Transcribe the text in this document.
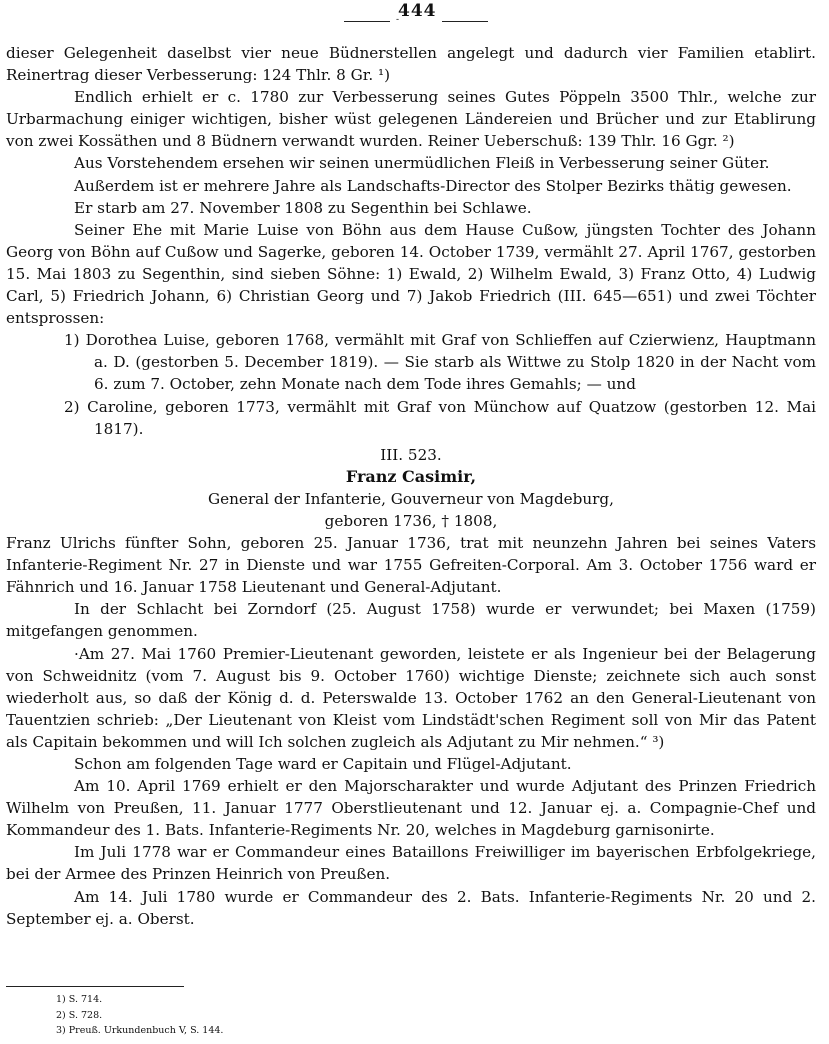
-
444

dieser Gelegenheit daselbst vier neue Büdnerstellen angelegt und dadurch vier Familien etablirt. Reinertrag dieser Verbesserung: 124 Thlr. 8 Gr. ¹)

Endlich erhielt er c. 1780 zur Verbesserung seines Gutes Pöppeln 3500 Thlr., welche zur Urbarmachung einiger wichtigen, bisher wüst gelegenen Ländereien und Brücher und zur Etablirung von zwei Kossäthen und 8 Büdnern verwandt wurden. Reiner Ueberschuß: 139 Thlr. 16 Ggr. ²)

Aus Vorstehendem ersehen wir seinen unermüdlichen Fleiß in Verbesserung seiner Güter.

Außerdem ist er mehrere Jahre als Landschafts-Director des Stolper Bezirks thätig gewesen.

Er starb am 27. November 1808 zu Segenthin bei Schlawe.

Seiner Ehe mit Marie Luise von Böhn aus dem Hause Cußow, jüngsten Tochter des Johann Georg von Böhn auf Cußow und Sagerke, geboren 14. October 1739, vermählt 27. April 1767, gestorben 15. Mai 1803 zu Segenthin, sind sieben Söhne: 1) Ewald, 2) Wilhelm Ewald, 3) Franz Otto, 4) Ludwig Carl, 5) Friedrich Johann, 6) Christian Georg und 7) Jakob Friedrich (III. 645—651) und zwei Töchter entsprossen:

1) Dorothea Luise, geboren 1768, vermählt mit Graf von Schlieffen auf Czierwienz, Hauptmann a. D. (gestorben 5. December 1819). — Sie starb als Wittwe zu Stolp 1820 in der Nacht vom 6. zum 7. October, zehn Monate nach dem Tode ihres Gemahls; — und

2) Caroline, geboren 1773, vermählt mit Graf von Münchow auf Quatzow (gestorben 12. Mai 1817).

III. 523.

Franz Casimir,

General der Infanterie, Gouverneur von Magdeburg,

geboren 1736, † 1808,

Franz Ulrichs fünfter Sohn, geboren 25. Januar 1736, trat mit neunzehn Jahren bei seines Vaters Infanterie-Regiment Nr. 27 in Dienste und war 1755 Gefreiten-Corporal. Am 3. October 1756 ward er Fähnrich und 16. Januar 1758 Lieutenant und General-Adjutant.

In der Schlacht bei Zorndorf (25. August 1758) wurde er verwundet; bei Maxen (1759) mitgefangen genommen.

·Am 27. Mai 1760 Premier-Lieutenant geworden, leistete er als Ingenieur bei der Belagerung von Schweidnitz (vom 7. August bis 9. October 1760) wichtige Dienste; zeichnete sich auch sonst wiederholt aus, so daß der König d. d. Peterswalde 13. October 1762 an den General-Lieutenant von Tauentzien schrieb: „Der Lieutenant von Kleist vom Lindstädt'schen Regiment soll von Mir das Patent als Capitain bekommen und will Ich solchen zugleich als Adjutant zu Mir nehmen.“ ³)

Schon am folgenden Tage ward er Capitain und Flügel-Adjutant.

Am 10. April 1769 erhielt er den Majorscharakter und wurde Adjutant des Prinzen Friedrich Wilhelm von Preußen, 11. Januar 1777 Oberstlieutenant und 12. Januar ej. a. Compagnie-Chef und Kommandeur des 1. Bats. Infanterie-Regiments Nr. 20, welches in Magdeburg garnisonirte.

Im Juli 1778 war er Commandeur eines Bataillons Freiwilliger im bayerischen Erbfolgekriege, bei der Armee des Prinzen Heinrich von Preußen.

Am 14. Juli 1780 wurde er Commandeur des 2. Bats. Infanterie-Regiments Nr. 20 und 2. September ej. a. Oberst.

1) S. 714.
2) S. 728.
3) Preuß. Urkundenbuch V, S. 144.
